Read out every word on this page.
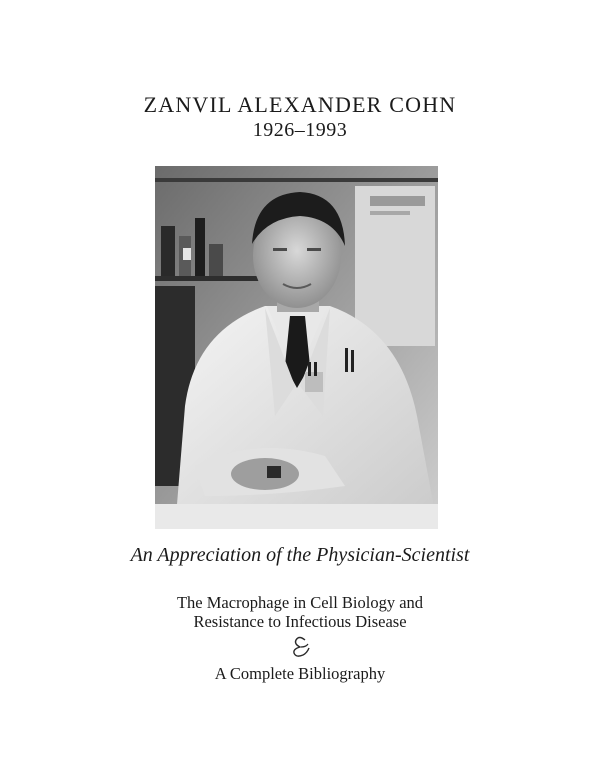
ZANVIL ALEXANDER COHN
1926–1993
An Appreciation of the Physician-Scientist
The Macrophage in Cell Biology and
Resistance to Infectious Disease
A Complete Bibliography
